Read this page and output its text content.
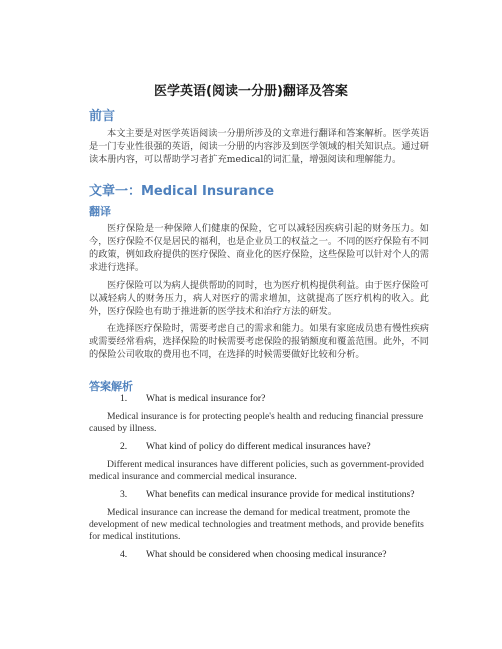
医学英语(阅读一分册)翻译及答案
前言

本文主要是对医学英语阅读一分册所涉及的文章进行翻译和答案解析。医学英语是一门专业性很强的英语，阅读一分册的内容涉及到医学领域的相关知识点。通过研读本册内容，可以帮助学习者扩充medical的词汇量，增强阅读和理解能力。

文章一：Medical Insurance
翻译

医疗保险是一种保障人们健康的保险，它可以减轻因疾病引起的财务压力。如今，医疗保险不仅是居民的福利，也是企业员工的权益之一。不同的医疗保险有不同的政策，例如政府提供的医疗保险、商业化的医疗保险，这些保险可以针对个人的需求进行选择。

医疗保险可以为病人提供帮助的同时，也为医疗机构提供利益。由于医疗保险可以减轻病人的财务压力，病人对医疗的需求增加，这就提高了医疗机构的收入。此外，医疗保险也有助于推进新的医学技术和治疗方法的研发。

在选择医疗保险时，需要考虑自己的需求和能力。如果有家庭成员患有慢性疾病或需要经常看病，选择保险的时候需要考虑保险的报销额度和覆盖范围。此外，不同的保险公司收取的费用也不同，在选择的时候需要做好比较和分析。

答案解析

1. What is medical insurance for?

Medical insurance is for protecting people's health and reducing financial pressure caused by illness.

2. What kind of policy do different medical insurances have?

Different medical insurances have different policies, such as government-provided medical insurance and commercial medical insurance.

3. What benefits can medical insurance provide for medical institutions?

Medical insurance can increase the demand for medical treatment, promote the development of new medical technologies and treatment methods, and provide benefits for medical institutions.

4. What should be considered when choosing medical insurance?
